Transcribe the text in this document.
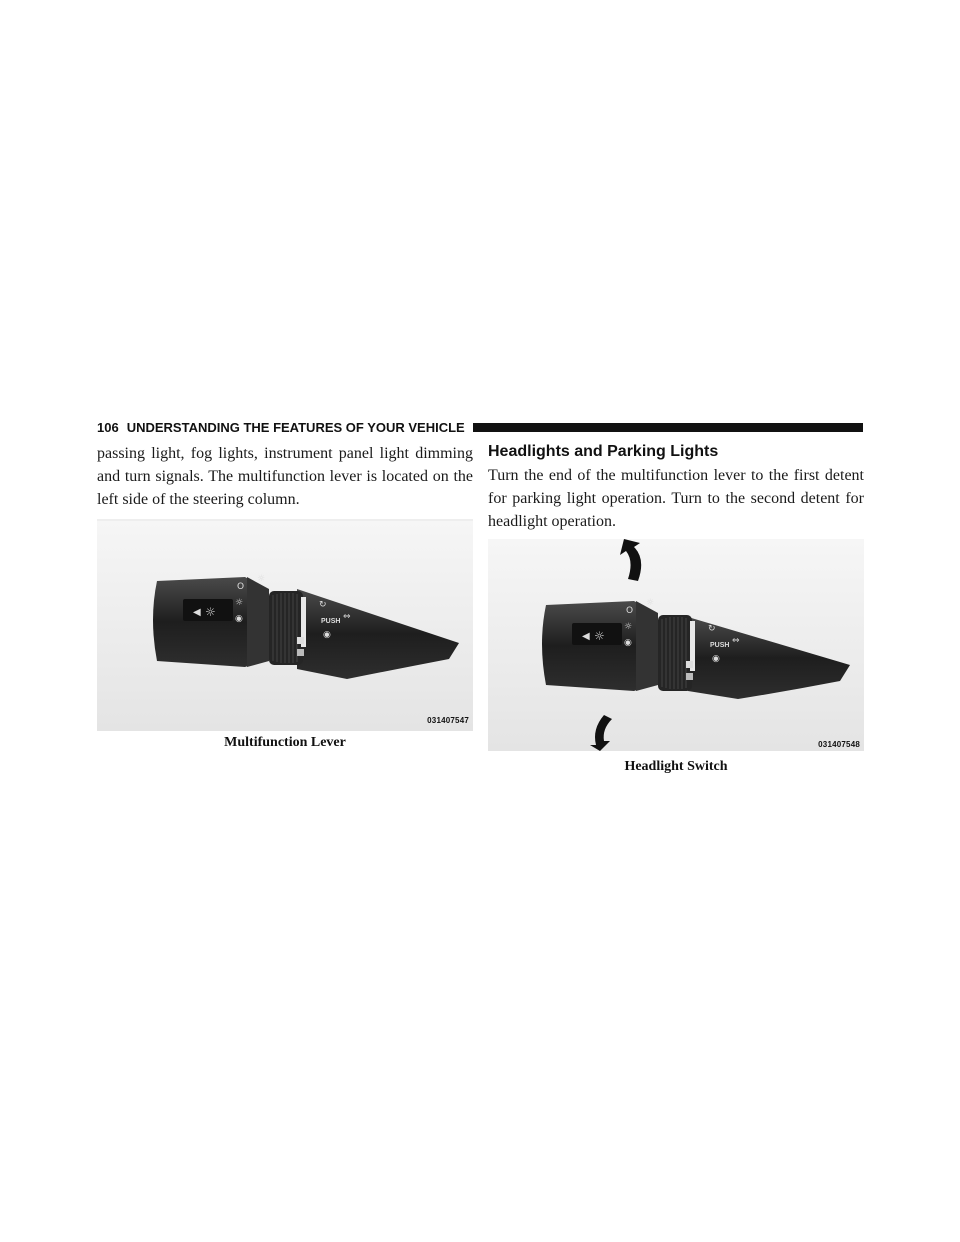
106 UNDERSTANDING THE FEATURES OF YOUR VEHICLE

passing light, fog lights, instrument panel light dimming and turn signals. The multifunction lever is located on the left side of the steering column.

◀ ☼
O
☼
◉
☼
↻
PUSH
◉
⇔
031407547

Multifunction Lever

Headlights and Parking Lights

Turn the end of the multifunction lever to the first detent for parking light operation. Turn to the second detent for headlight operation.

◀ ☼
O
☼
◉
☼
↻
PUSH
◉
⇔
031407548

Headlight Switch
